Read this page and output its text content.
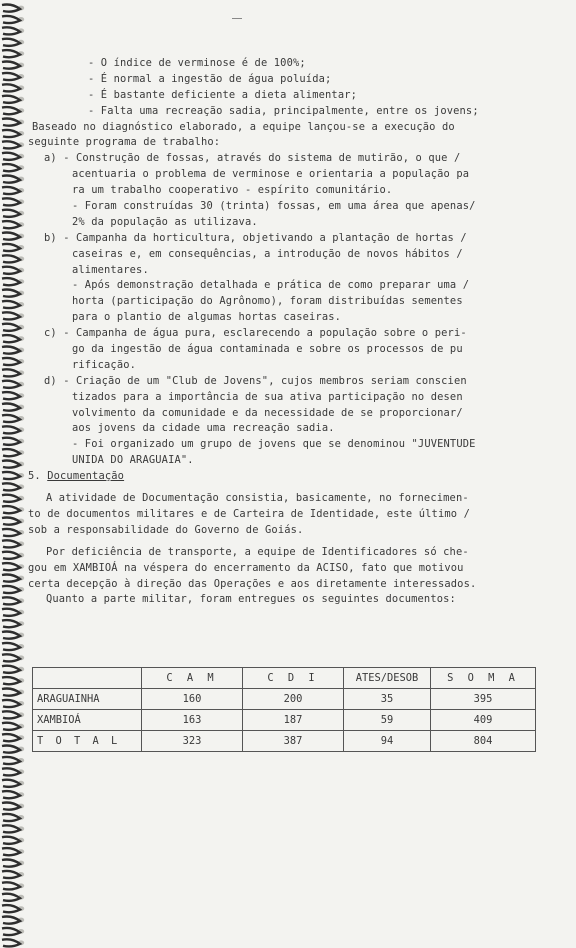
- O índice de verminose é de 100%;
- É normal a ingestão de água poluída;
- É bastante deficiente a dieta alimentar;
- Falta uma recreação sadia, principalmente, entre os jovens;
Baseado no diagnóstico elaborado, a equipe lançou-se a execução do
seguinte programa de trabalho:
a) - Construção de fossas, através do sistema de mutirão, o que /
acentuaria o problema de verminose e orientaria a população pa
ra um trabalho cooperativo - espírito comunitário.
- Foram construídas 30 (trinta) fossas, em uma área que apenas/
2% da população as utilizava.
b) - Campanha da horticultura, objetivando a plantação de hortas /
caseiras e, em consequências, a introdução de novos hábitos /
alimentares.
- Após demonstração detalhada e prática de como preparar uma /
horta (participação do Agrônomo), foram distribuídas sementes
para o plantio de algumas hortas caseiras.
c) - Campanha de água pura, esclarecendo a população sobre o peri-
go da ingestão de água contaminada e sobre os processos de pu
rificação.
d) - Criação de um "Club de Jovens", cujos membros seriam conscien
tizados para a importância de sua ativa participação no desen
volvimento da comunidade e da necessidade de se proporcionar/
aos jovens da cidade uma recreação sadia.
- Foi organizado um grupo de jovens que se denominou "JUVENTUDE
UNIDA DO ARAGUAIA".
5. Documentação
A atividade de Documentação consistia, basicamente, no fornecimen-
to de documentos militares e de Carteira de Identidade, este último /
sob a responsabilidade do Governo de Goiás.
Por deficiência de transporte, a equipe de Identificadores só che-
gou em XAMBIOÁ na véspera do encerramento da ACISO, fato que motivou
certa decepção à direção das Operações e aos diretamente interessados.
Quanto a parte militar, foram entregues os seguintes documentos:
	C A M	C D I	ATES/DESOB	S O M A
ARAGUAINHA	160	200	35	395
XAMBIOÁ	163	187	59	409
T O T A L	323	387	94	804
